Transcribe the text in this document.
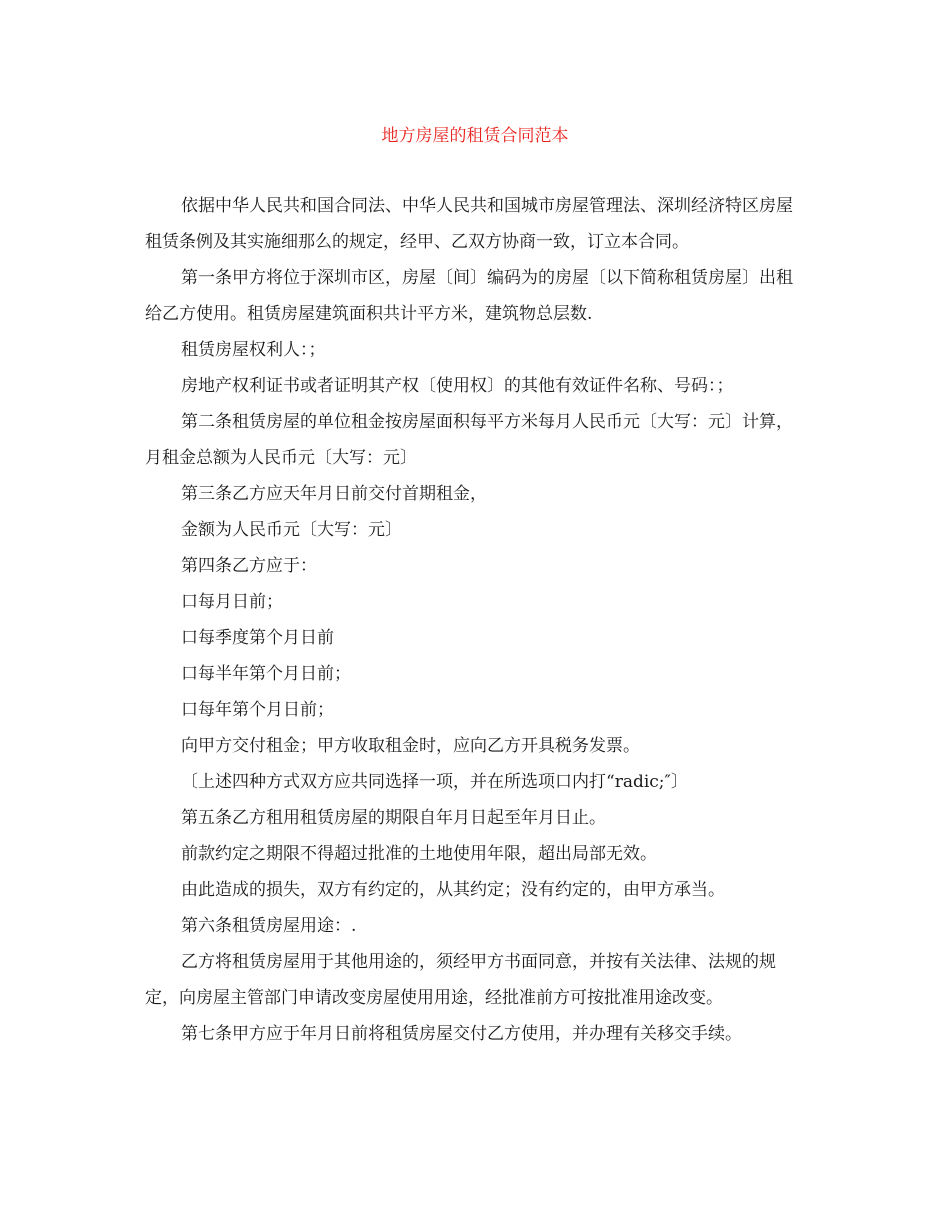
地方房屋的租赁合同范本

依据中华人民共和国合同法、中华人民共和国城市房屋管理法、深圳经济特区房屋租赁条例及其实施细那么的规定，经甲、乙双方协商一致，订立本合同。

第一条甲方将位于深圳市区，房屋〔间〕编码为的房屋〔以下简称租赁房屋〕出租给乙方使用。租赁房屋建筑面积共计平方米，建筑物总层数.

租赁房屋权利人：；

房地产权利证书或者证明其产权〔使用权〕的其他有效证件名称、号码：；

第二条租赁房屋的单位租金按房屋面积每平方米每月人民币元〔大写：元〕计算，月租金总额为人民币元〔大写：元〕

第三条乙方应天年月日前交付首期租金，

金额为人民币元〔大写：元〕

第四条乙方应于：

口每月日前；

口每季度第个月日前

口每半年第个月日前；

口每年第个月日前；

向甲方交付租金；甲方收取租金时，应向乙方开具税务发票。

〔上述四种方式双方应共同选择一项，并在所选项口内打“radic;″〕

第五条乙方租用租赁房屋的期限自年月日起至年月日止。

前款约定之期限不得超过批准的土地使用年限，超出局部无效。

由此造成的损失，双方有约定的，从其约定；没有约定的，由甲方承当。

第六条租赁房屋用途：.

乙方将租赁房屋用于其他用途的，须经甲方书面同意，并按有关法律、法规的规定，向房屋主管部门申请改变房屋使用用途，经批准前方可按批准用途改变。

第七条甲方应于年月日前将租赁房屋交付乙方使用，并办理有关移交手续。
